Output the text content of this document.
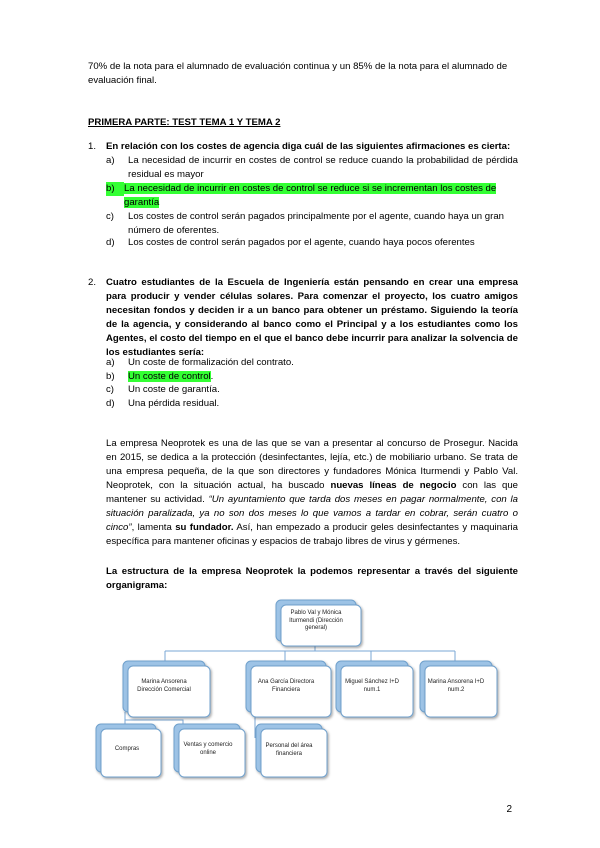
70% de la nota para el alumnado de evaluación continua y un 85% de la nota para el alumnado de evaluación final.

PRIMERA PARTE: TEST TEMA 1 Y TEMA 2

1. En relación con los costes de agencia diga cuál de las siguientes afirmaciones es cierta:

a)	La necesidad de incurrir en costes de control se reduce cuando la probabilidad de pérdida residual es mayor
b) La necesidad de incurrir en costes de control se reduce si se incrementan los costes de garantía
c)	Los costes de control serán pagados principalmente por el agente, cuando haya un gran número de oferentes.
d)	Los costes de control serán pagados por el agente, cuando haya pocos oferentes
2. Cuatro estudiantes de la Escuela de Ingeniería están pensando en crear una empresa para producir y vender células solares. Para comenzar el proyecto, los cuatro amigos necesitan fondos y deciden ir a un banco para obtener un préstamo. Siguiendo la teoría de la agencia, y considerando al banco como el Principal y a los estudiantes como los Agentes, el costo del tiempo en el que el banco debe incurrir para analizar la solvencia de los estudiantes sería:

a)	Un coste de formalización del contrato.
b)	Un coste de control.
c)	Un coste de garantía.
d)	Una pérdida residual.

La empresa Neoprotek es una de las que se van a presentar al concurso de Prosegur. Nacida en 2015, se dedica a la protección (desinfectantes, lejía, etc.) de mobiliario urbano. Se trata de una empresa pequeña, de la que son directores y fundadores Mónica Iturmendi y Pablo Val. Neoprotek, con la situación actual, ha buscado nuevas líneas de negocio con las que mantener su actividad. “Un ayuntamiento que tarda dos meses en pagar normalmente, con la situación paralizada, ya no son dos meses lo que vamos a tardar en cobrar, serán cuatro o cinco”, lamenta su fundador. Así, han empezado a producir geles desinfectantes y maquinaria específica para mantener oficinas y espacios de trabajo libres de virus y gérmenes.

La estructura de la empresa Neoprotek la podemos representar a través del siguiente organigrama:

Pablo Val y Mónica Iturmendi (Dirección general)
Marina Ansorena Dirección Comercial
Ana García Directora Financiera
Miguel Sánchez I+D num.1
Marina Ansorena I+D num.2
Compras
Ventas y comercio online
Personal del área financiera
2
